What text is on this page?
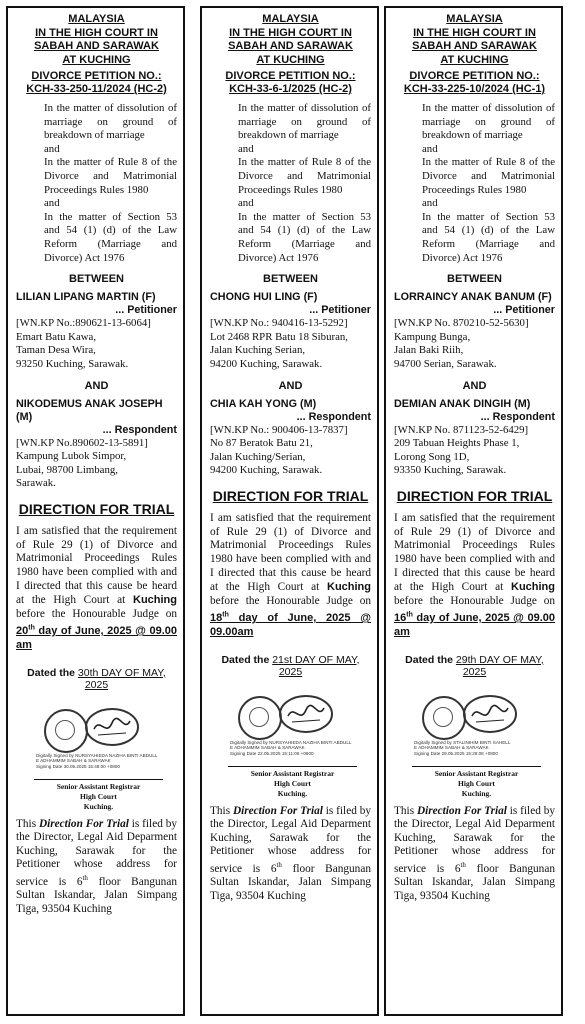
MALAYSIA
IN THE HIGH COURT IN
SABAH AND SARAWAK
AT KUCHING
DIVORCE PETITION NO.:
KCH-33-250-11/2024 (HC-2)
In the matter of dissolution of marriage on ground of breakdown of marriage
and
In the matter of Rule 8 of the Divorce and Matrimonial Proceedings Rules 1980
and
In the matter of Section 53 and 54 (1) (d) of the Law Reform (Marriage and Divorce) Act 1976
BETWEEN
LILIAN LIPANG MARTIN (F)
... Petitioner
[WN.KP No.:890621-13-6064]
Emart Batu Kawa,
Taman Desa Wira,
93250 Kuching, Sarawak.
AND
NIKODEMUS ANAK JOSEPH (M)
... Respondent
[WN.KP No.890602-13-5891]
Kampung Lubok Simpor,
Lubai, 98700 Limbang,
Sarawak.
DIRECTION FOR TRIAL
I am satisfied that the requirement of Rule 29 (1) of Divorce and Matrimonial Proceedings Rules 1980 have been complied with and I directed that this cause be heard at the High Court at Kuching before the Honourable Judge on 20th day of June, 2025 @ 09.00 am
Dated the 30th DAY OF MAY, 2025
Digitally Signed by NURSYAHIEDA NAZIHA BINTI ABDULL
E ADHAMMIM SABAH & SARAWAK
Signing Date 30.05.2025 15:48:00 +0800
Senior Assistant Registrar
High Court
Kuching.
This Direction For Trial is filed by the Director, Legal Aid Deparment Kuching, Sarawak for the Petitioner whose address for service is 6th floor Bangunan Sultan Iskandar, Jalan Simpang Tiga, 93504 Kuching
MALAYSIA
IN THE HIGH COURT IN
SABAH AND SARAWAK
AT KUCHING
DIVORCE PETITION NO.:
KCH-33-6-1/2025 (HC-2)
In the matter of dissolution of marriage on ground of breakdown of marriage
and
In the matter of Rule 8 of the Divorce and Matrimonial Proceedings Rules 1980
and
In the matter of Section 53 and 54 (1) (d) of the Law Reform (Marriage and Divorce) Act 1976
BETWEEN
CHONG HUI LING (F)
... Petitioner
[WN.KP No.: 940416-13-5292]
Lot 2468 RPR Batu 18 Siburan,
Jalan Kuching Serian,
94200 Kuching, Sarawak.
AND
CHIA KAH YONG (M)
... Respondent
[WN.KP No.: 900406-13-7837]
No 87 Beratok Batu 21,
Jalan Kuching/Serian,
94200 Kuching, Sarawak.
DIRECTION FOR TRIAL
I am satisfied that the requirement of Rule 29 (1) of Divorce and Matrimonial Proceedings Rules 1980 have been complied with and I directed that this cause be heard at the High Court at Kuching before the Honourable Judge on 18th day of June, 2025 @ 09.00am
Dated the 21st DAY OF MAY, 2025
Digitally Signed by NURSYAHIEDA NAZIHA BINTI ABDULL
E ADHAMMIM SABAH & SARAWAK
Signing Date 22.05.2025 15:11:06 +0800
Senior Assistant Registrar
High Court
Kuching.
This Direction For Trial is filed by the Director, Legal Aid Deparment Kuching, Sarawak for the Petitioner whose address for service is 6th floor Bangunan Sultan Iskandar, Jalan Simpang Tiga, 93504 Kuching
MALAYSIA
IN THE HIGH COURT IN
SABAH AND SARAWAK
AT KUCHING
DIVORCE PETITION NO.:
KCH-33-225-10/2024 (HC-1)
In the matter of dissolution of marriage on ground of breakdown of marriage
and
In the matter of Rule 8 of the Divorce and Matrimonial Proceedings Rules 1980
and
In the matter of Section 53 and 54 (1) (d) of the Law Reform (Marriage and Divorce) Act 1976
BETWEEN
LORRAINCY ANAK BANUM (F)
... Petitioner
[WN.KP No. 870210-52-5630]
Kampung Bunga,
Jalan Baki Riih,
94700 Serian, Sarawak.
AND
DEMIAN ANAK DINGIH (M)
... Respondent
[WN.KP No. 871123-52-6429]
209 Tabuan Heights Phase 1,
Lorong Song 1D,
93350 Kuching, Sarawak.
DIRECTION FOR TRIAL
I am satisfied that the requirement of Rule 29 (1) of Divorce and Matrimonial Proceedings Rules 1980 have been complied with and I directed that this cause be heard at the High Court at Kuching before the Honourable Judge on 16th day of June, 2025 @ 09.00 am
Dated the 29th DAY OF MAY, 2025
Digitally Signed by STALINIHIM BINTI SAHELL
E ADHAMMIM SABAH & SARAWAK
Signing Date 29.05.2025 15:29:08 +0800
Senior Assistant Registrar
High Court
Kuching.
This Direction For Trial is filed by the Director, Legal Aid Deparment Kuching, Sarawak for the Petitioner whose address for service is 6th floor Bangunan Sultan Iskandar, Jalan Simpang Tiga, 93504 Kuching
